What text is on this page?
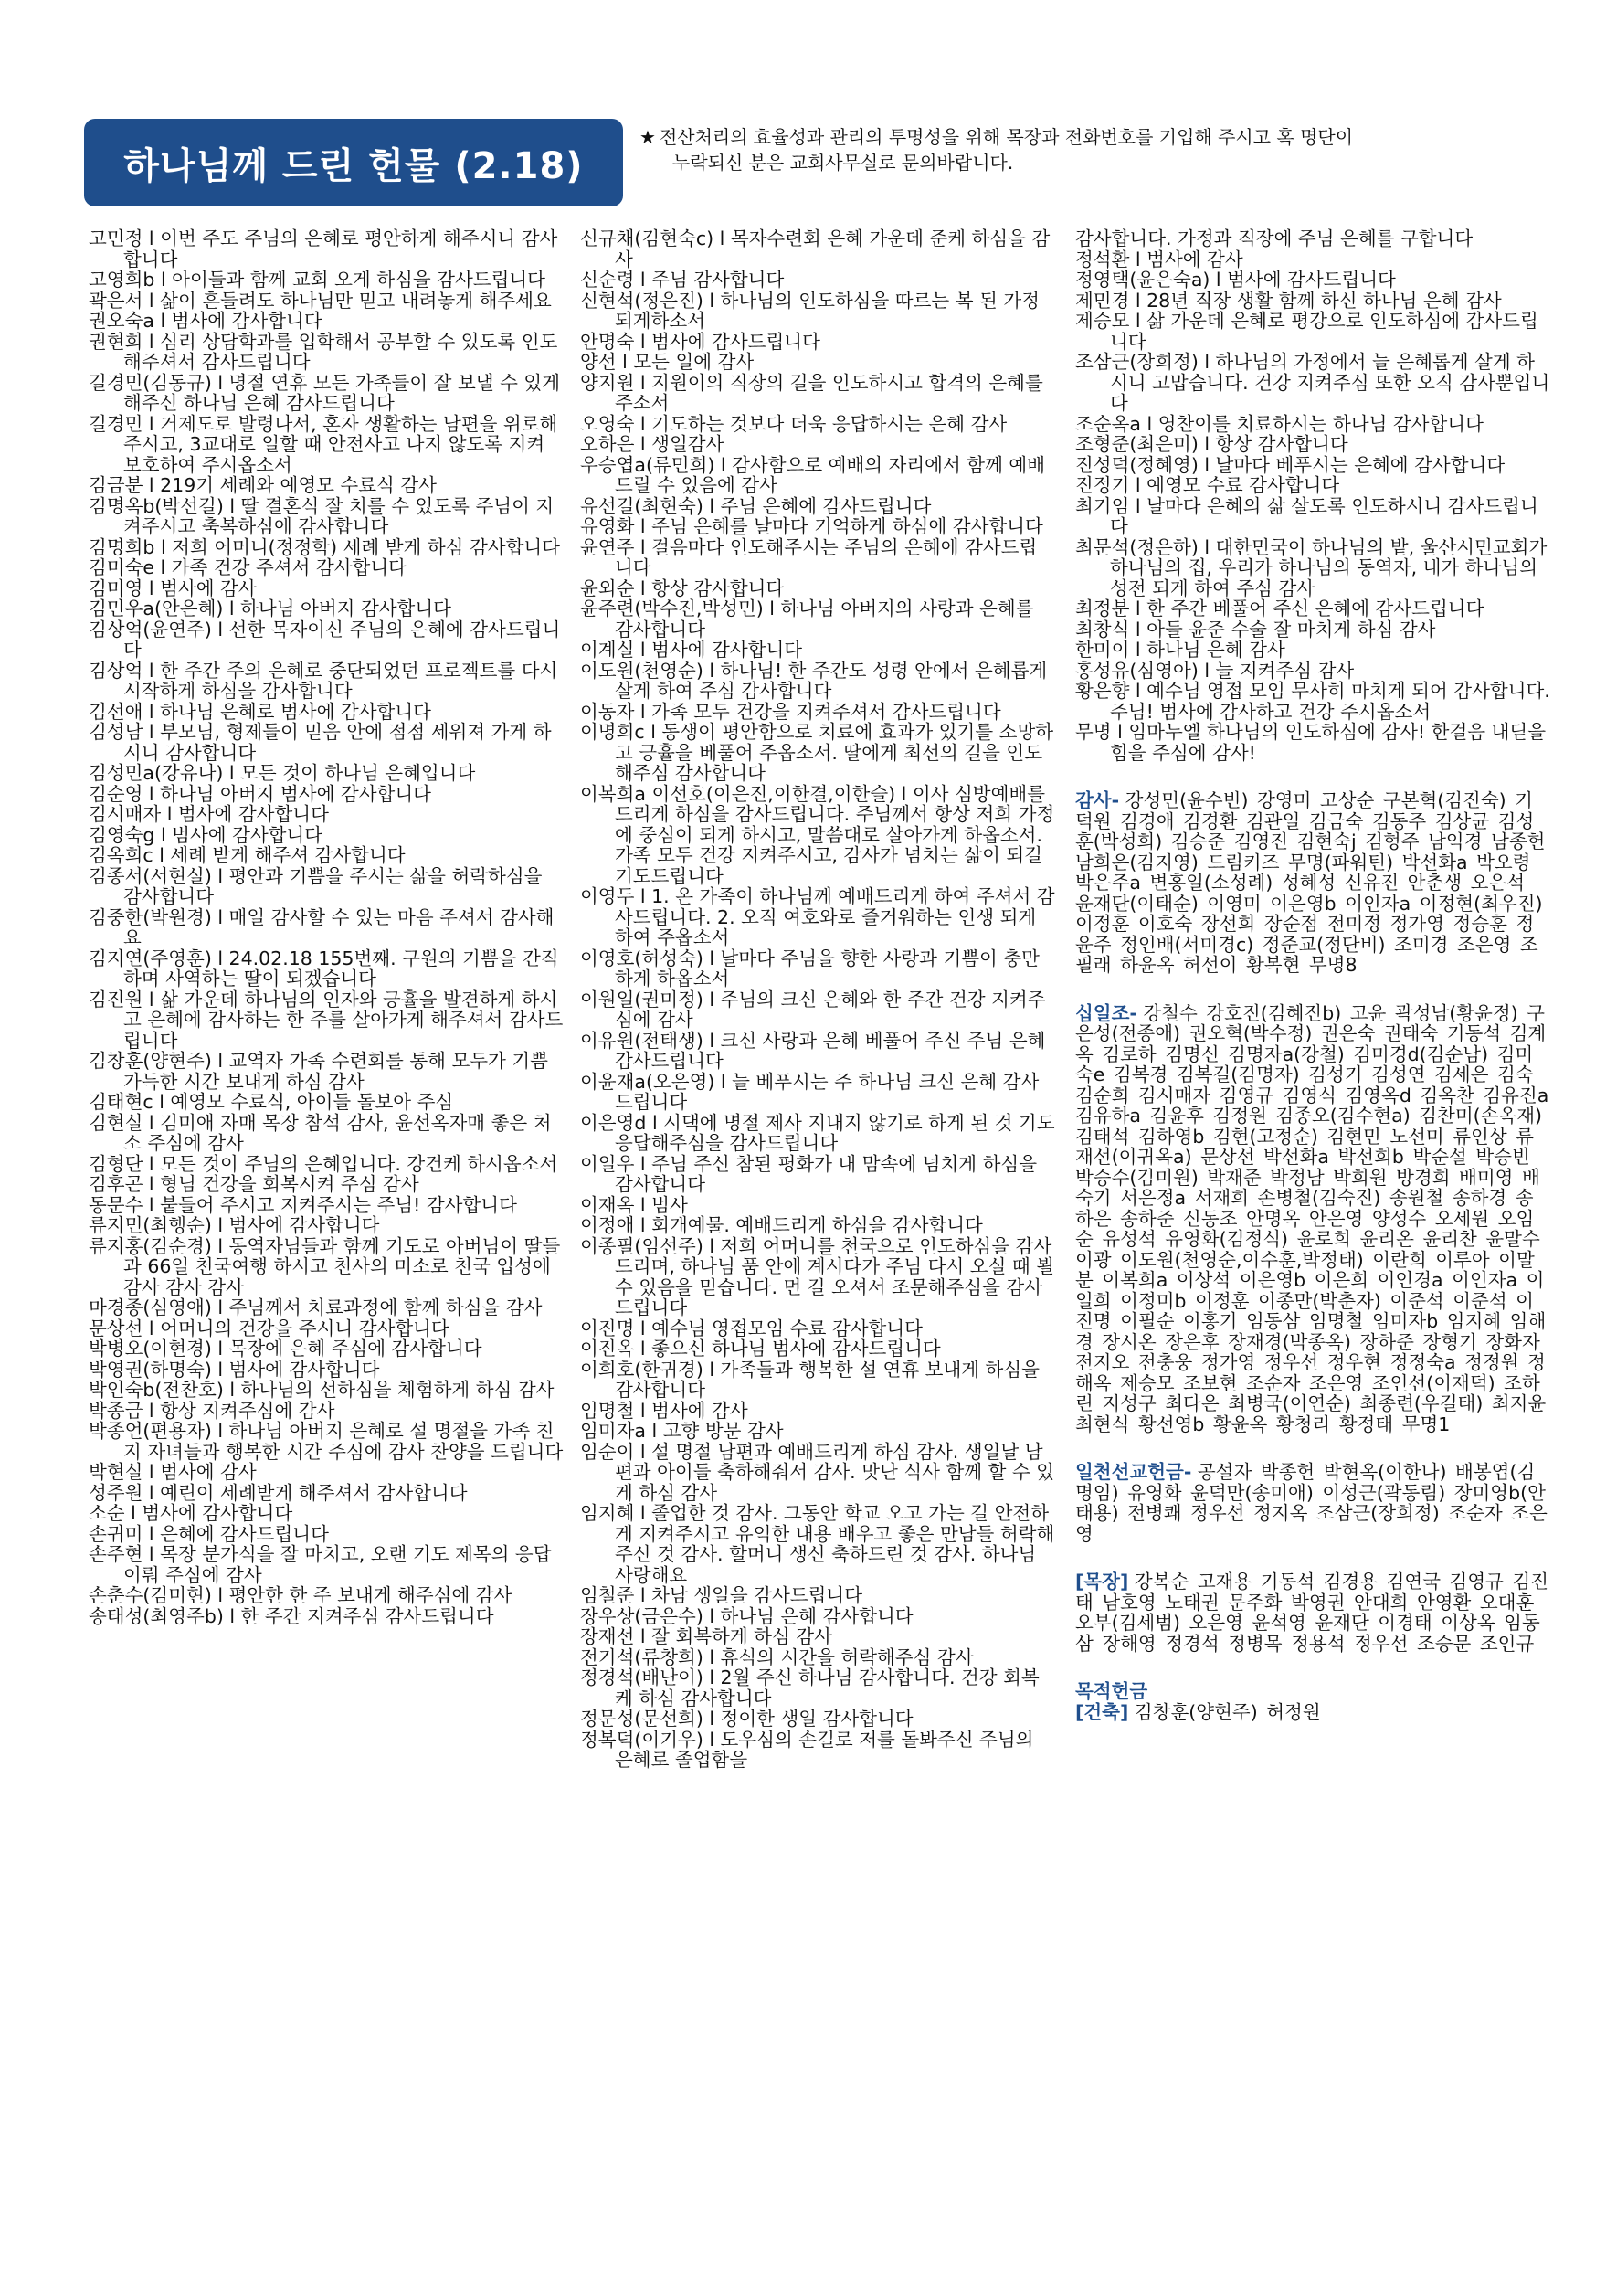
하나님께 드린 헌물 (2.18)
★ 전산처리의 효율성과 관리의 투명성을 위해 목장과 전화번호를 기입해 주시고 혹 명단이
누락되신 분은 교회사무실로 문의바랍니다.

고민정 l 이번 주도 주님의 은혜로 평안하게 해주시니 감사합니다

고영희b l 아이들과 함께 교회 오게 하심을 감사드립니다

곽은서 l 삶이 흔들려도 하나님만 믿고 내려놓게 해주세요

권오숙a l 범사에 감사합니다

권현희 l 심리 상담학과를 입학해서 공부할 수 있도록 인도해주셔서 감사드립니다

길경민(김동규) l 명절 연휴 모든 가족들이 잘 보낼 수 있게 해주신 하나님 은혜 감사드립니다

길경민 l 거제도로 발령나서, 혼자 생활하는 남편을 위로해주시고, 3교대로 일할 때 안전사고 나지 않도록 지켜 보호하여 주시옵소서

김금분 l 219기 세례와 예영모 수료식 감사

김명옥b(박선길) l 딸 결혼식 잘 치를 수 있도록 주님이 지켜주시고 축복하심에 감사합니다

김명희b l 저희 어머니(정정학) 세례 받게 하심 감사합니다

김미숙e l 가족 건강 주셔서 감사합니다

김미영 l 범사에 감사

김민우a(안은혜) l 하나님 아버지 감사합니다

김상억(윤연주) l 선한 목자이신 주님의 은혜에 감사드립니다

김상억 l 한 주간 주의 은혜로 중단되었던 프로젝트를 다시 시작하게 하심을 감사합니다

김선애 l 하나님 은혜로 범사에 감사합니다

김성남 l 부모님, 형제들이 믿음 안에 점점 세워져 가게 하시니 감사합니다

김성민a(강유나) l 모든 것이 하나님 은혜입니다

김순영 l 하나님 아버지 범사에 감사합니다

김시매자 l 범사에 감사합니다

김영숙g l 범사에 감사합니다

김옥희c l 세례 받게 해주셔 감사합니다

김종서(서현실) l 평안과 기쁨을 주시는 삶을 허락하심을 감사합니다

김중한(박원경) l 매일 감사할 수 있는 마음 주셔서 감사해요

김지연(주영훈) l 24.02.18 155번째. 구원의 기쁨을 간직하며 사역하는 딸이 되겠습니다

김진원 l 삶 가운데 하나님의 인자와 긍휼을 발견하게 하시고 은혜에 감사하는 한 주를 살아가게 해주셔서 감사드립니다

김창훈(양현주) l 교역자 가족 수련회를 통해 모두가 기쁨 가득한 시간 보내게 하심 감사

김태현c l 예영모 수료식, 아이들 돌보아 주심

김현실 l 김미애 자매 목장 참석 감사, 윤선옥자매 좋은 처소 주심에 감사

김형단 l 모든 것이 주님의 은혜입니다. 강건케 하시옵소서

김후곤 l 형님 건강을 회복시켜 주심 감사

동문수 l 붙들어 주시고 지켜주시는 주님! 감사합니다

류지민(최행순) l 범사에 감사합니다

류지홍(김순경) l 동역자님들과 함께 기도로 아버님이 딸들과 66일 천국여행 하시고 천사의 미소로 천국 입성에 감사 감사 감사

마경종(심영애) l 주님께서 치료과정에 함께 하심을 감사

문상선 l 어머니의 건강을 주시니 감사합니다

박병오(이현경) l 목장에 은혜 주심에 감사합니다

박영권(하명숙) l 범사에 감사합니다

박인숙b(전찬호) l 하나님의 선하심을 체험하게 하심 감사

박종금 l 항상 지켜주심에 감사

박종언(편용자) l 하나님 아버지 은혜로 설 명절을 가족 친지 자녀들과 행복한 시간 주심에 감사 찬양을 드립니다

박현실 l 범사에 감사

성주원 l 예린이 세례받게 해주셔서 감사합니다

소순 l 범사에 감사합니다

손귀미 l 은혜에 감사드립니다

손주현 l 목장 분가식을 잘 마치고, 오랜 기도 제목의 응답 이뤄 주심에 감사

손춘수(김미현) l 평안한 한 주 보내게 해주심에 감사

송태성(최영주b) l 한 주간 지켜주심 감사드립니다

신규채(김현숙c) l 목자수련회 은혜 가운데 준케 하심을 감사

신순령 l 주님 감사합니다

신현석(정은진) l 하나님의 인도하심을 따르는 복 된 가정되게하소서

안명숙 l 범사에 감사드립니다

양선 l 모든 일에 감사

양지원 l 지원이의 직장의 길을 인도하시고 합격의 은혜를 주소서

오영숙 l 기도하는 것보다 더욱 응답하시는 은혜 감사

오하은 l 생일감사

우승엽a(류민희) l 감사함으로 예배의 자리에서 함께 예배드릴 수 있음에 감사

유선길(최현숙) l 주님 은혜에 감사드립니다

유영화 l 주님 은혜를 날마다 기억하게 하심에 감사합니다

윤연주 l 걸음마다 인도해주시는 주님의 은혜에 감사드립니다

윤외순 l 항상 감사합니다

윤주련(박수진,박성민) l 하나님 아버지의 사랑과 은혜를 감사합니다

이계실 l 범사에 감사합니다

이도원(천영순) l 하나님! 한 주간도 성령 안에서 은혜롭게 살게 하여 주심 감사합니다

이동자 l 가족 모두 건강을 지켜주셔서 감사드립니다

이명희c l 동생이 평안함으로 치료에 효과가 있기를 소망하고 긍휼을 베풀어 주옵소서. 딸에게 최선의 길을 인도해주심 감사합니다

이복희a 이선호(이은진,이한결,이한슬) l 이사 심방예배를 드리게 하심을 감사드립니다. 주님께서 항상 저희 가정에 중심이 되게 하시고, 말씀대로 살아가게 하옵소서. 가족 모두 건강 지켜주시고, 감사가 넘치는 삶이 되길 기도드립니다

이영두 l 1. 온 가족이 하나님께 예배드리게 하여 주셔서 감사드립니다. 2. 오직 여호와로 즐거워하는 인생 되게 하여 주옵소서

이영호(허성숙) l 날마다 주님을 향한 사랑과 기쁨이 충만하게 하옵소서

이원일(권미정) l 주님의 크신 은혜와 한 주간 건강 지켜주심에 감사

이유원(전태생) l 크신 사랑과 은혜 베풀어 주신 주님 은혜 감사드립니다

이윤재a(오은영) l 늘 베푸시는 주 하나님 크신 은혜 감사드립니다

이은영d l 시댁에 명절 제사 지내지 않기로 하게 된 것 기도 응답해주심을 감사드립니다

이일우 l 주님 주신 참된 평화가 내 맘속에 넘치게 하심을 감사합니다

이재옥 l 범사

이정애 l 회개예물. 예배드리게 하심을 감사합니다

이종필(임선주) l 저희 어머니를 천국으로 인도하심을 감사드리며, 하나님 품 안에 계시다가 주님 다시 오실 때 뵐 수 있음을 믿습니다. 먼 길 오셔서 조문해주심을 감사드립니다

이진명 l 예수님 영접모임 수료 감사합니다

이진옥 l 좋으신 하나님 범사에 감사드립니다

이희호(한귀경) l 가족들과 행복한 설 연휴 보내게 하심을 감사합니다

임명철 l 범사에 감사

임미자a l 고향 방문 감사

임순이 l 설 명절 남편과 예배드리게 하심 감사. 생일날 남편과 아이들 축하해줘서 감사. 맛난 식사 함께 할 수 있게 하심 감사

임지혜 l 졸업한 것 감사. 그동안 학교 오고 가는 길 안전하게 지켜주시고 유익한 내용 배우고 좋은 만남들 허락해주신 것 감사. 할머니 생신 축하드린 것 감사. 하나님 사랑해요

임철준 l 차남 생일을 감사드립니다

장우상(금은수) l 하나님 은혜 감사합니다

장재선 l 잘 회복하게 하심 감사

전기석(류창희) l 휴식의 시간을 허락해주심 감사

정경석(배난이) l 2월 주신 하나님 감사합니다. 건강 회복케 하심 감사합니다

정문성(문선희) l 정이한 생일 감사합니다

정복덕(이기우) l 도우심의 손길로 저를 돌봐주신 주님의 은혜로 졸업함을

감사합니다. 가정과 직장에 주님 은혜를 구합니다

정석환 l 범사에 감사

정영택(윤은숙a) l 범사에 감사드립니다

제민경 l 28년 직장 생활 함께 하신 하나님 은혜 감사

제승모 l 삶 가운데 은혜로 평강으로 인도하심에 감사드립니다

조삼근(장희정) l 하나님의 가정에서 늘 은혜롭게 살게 하시니 고맙습니다. 건강 지켜주심 또한 오직 감사뿐입니다

조순옥a l 영찬이를 치료하시는 하나님 감사합니다

조형준(최은미) l 항상 감사합니다

진성덕(정혜영) l 날마다 베푸시는 은혜에 감사합니다

진정기 l 예영모 수료 감사합니다

최기임 l 날마다 은혜의 삶 살도록 인도하시니 감사드립니다

최문석(정은하) l 대한민국이 하나님의 밭, 울산시민교회가 하나님의 집, 우리가 하나님의 동역자, 내가 하나님의 성전 되게 하여 주심 감사

최정분 l 한 주간 베풀어 주신 은혜에 감사드립니다

최창식 l 아들 윤준 수술 잘 마치게 하심 감사

한미이 l 하나님 은혜 감사

홍성유(심영아) l 늘 지켜주심 감사

황은향 l 예수님 영접 모임 무사히 마치게 되어 감사합니다. 주님! 범사에 감사하고 건강 주시옵소서

무명 l 임마누엘 하나님의 인도하심에 감사! 한걸음 내딛을 힘을 주심에 감사!

감사- 강성민(윤수빈) 강영미 고상순 구본혁(김진숙) 기덕원 김경애 김경환 김관일 김금숙 김동주 김상균 김성훈(박성희) 김승준 김영진 김현숙j 김형주 남익경 남종헌 남희은(김지영) 드림키즈 무명(파워틴) 박선화a 박오령 박은주a 변홍일(소성례) 성혜성 신유진 안춘생 오은석 윤재단(이태순) 이영미 이은영b 이인자a 이정현(최우진) 이정훈 이호숙 장선희 장순점 전미정 정가영 정승훈 정윤주 정인배(서미경c) 정준교(정단비) 조미경 조은영 조필래 하윤옥 허선이 황복현 무명8
십일조- 강철수 강호진(김혜진b) 고윤 곽성남(황윤정) 구은성(전종애) 권오혁(박수정) 권은숙 권태숙 기동석 김계옥 김로하 김명신 김명자a(강철) 김미경d(김순남) 김미숙e 김복경 김복길(김명자) 김성기 김성연 김세은 김숙 김순희 김시매자 김영규 김영식 김영옥d 김옥찬 김유진a 김유하a 김윤후 김정원 김종오(김수현a) 김찬미(손옥재) 김태석 김하영b 김현(고정순) 김현민 노선미 류인상 류재선(이귀옥a) 문상선 박선화a 박선희b 박순설 박승빈 박승수(김미원) 박재준 박정남 박희원 방경희 배미영 배숙기 서은정a 서재희 손병철(김숙진) 송원철 송하경 송하은 송하준 신동조 안명옥 안은영 양성수 오세원 오임순 유성석 유영화(김정식) 윤로희 윤리온 윤리찬 윤말수 이광 이도원(천영순,이수훈,박정태) 이란희 이루아 이말분 이복희a 이상석 이은영b 이은희 이인경a 이인자a 이일희 이정미b 이정훈 이종만(박춘자) 이준석 이준석 이진명 이필순 이홍기 임동삼 임명철 임미자b 임지혜 임해경 장시온 장은후 장재경(박종옥) 장하준 장형기 장화자 전지오 전충웅 정가영 정우선 정우현 정정숙a 정정원 정해옥 제승모 조보현 조순자 조은영 조인선(이재덕) 조하린 지성구 최다은 최병국(이연순) 최종련(우길태) 최지윤 최현식 황선영b 황윤옥 황청리 황정태 무명1
일천선교헌금- 공설자 박종헌 박현옥(이한나) 배봉엽(김명임) 유영화 윤덕만(송미애) 이성근(곽동림) 장미영b(안태용) 전병쾌 정우선 정지옥 조삼근(장희정) 조순자 조은영
[목장] 강복순 고재용 기동석 김경용 김연국 김영규 김진태 남호영 노태권 문주화 박영권 안대희 안영환 오대훈 오부(김세범) 오은영 윤석영 윤재단 이경태 이상옥 임동삼 장해영 정경석 정병목 정용석 정우선 조승문 조인규
목적헌금
[건축] 김창훈(양현주) 허정원
